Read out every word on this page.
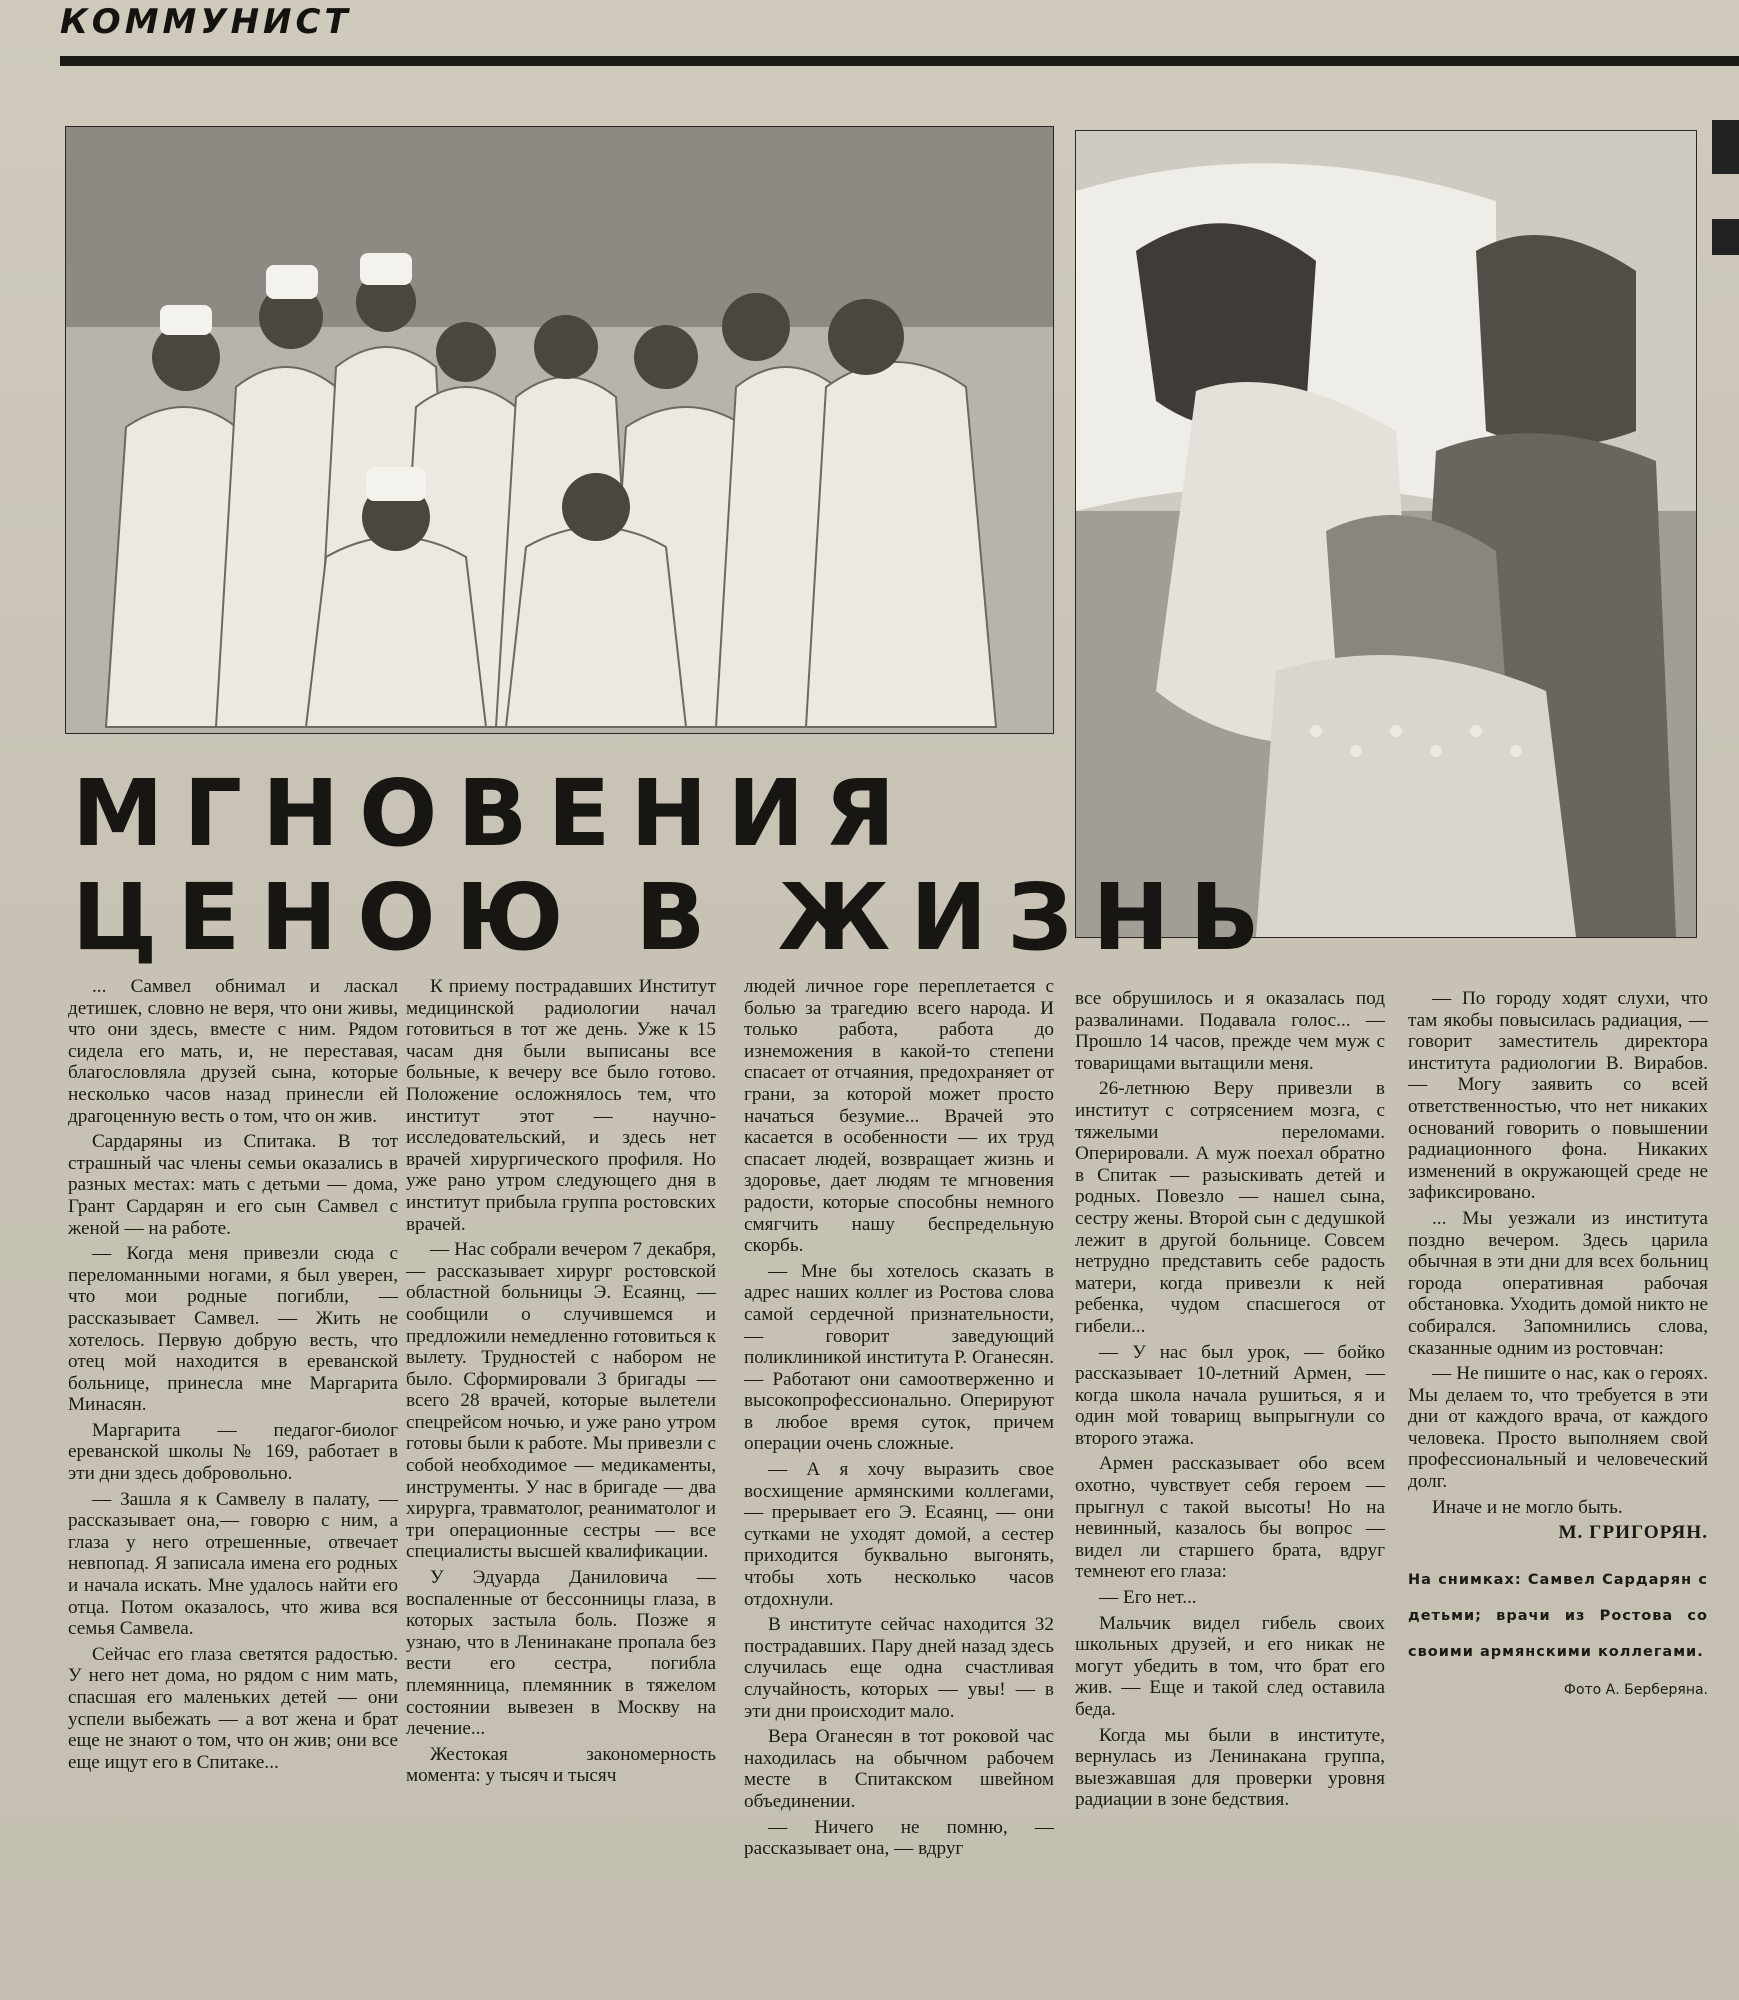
КОММУНИСТ
МГНОВЕНИЯ
ЦЕНОЮ В ЖИЗНЬ

... Самвел обнимал и ласкал детишек, словно не веря, что они живы, что они здесь, вместе с ним. Рядом сидела его мать, и, не переставая, благословляла друзей сына, которые несколько часов назад принесли ей драгоценную весть о том, что он жив.

Сардаряны из Спитака. В тот страшный час члены семьи оказались в разных местах: мать с детьми — дома, Грант Сардарян и его сын Самвел с женой — на работе.

— Когда меня привезли сюда с переломанными ногами, я был уверен, что мои родные погибли, — рассказывает Самвел. — Жить не хотелось. Первую добрую весть, что отец мой находится в ереванской больнице, принесла мне Маргарита Минасян.

Маргарита — педагог-биолог ереванской школы № 169, работает в эти дни здесь добровольно.

— Зашла я к Самвелу в палату, — рассказывает она,— говорю с ним, а глаза у него отрешенные, отвечает невпопад. Я записала имена его родных и начала искать. Мне удалось найти его отца. Потом оказалось, что жива вся семья Самвела.

Сейчас его глаза светятся радостью. У него нет дома, но рядом с ним мать, спасшая его маленьких детей — они успели выбежать — а вот жена и брат еще не знают о том, что он жив; они все еще ищут его в Спитаке...

К приему пострадавших Институт медицинской радиологии начал готовиться в тот же день. Уже к 15 часам дня были выписаны все больные, к вечеру все было готово. Положение осложнялось тем, что институт этот — научно-исследовательский, и здесь нет врачей хирургического профиля. Но уже рано утром следующего дня в институт прибыла группа ростовских врачей.

— Нас собрали вечером 7 декабря, — рассказывает хирург ростовской областной больницы Э. Есаянц, — сообщили о случившемся и предложили немедленно готовиться к вылету. Трудностей с набором не было. Сформировали 3 бригады — всего 28 врачей, которые вылетели спецрейсом ночью, и уже рано утром готовы были к работе. Мы привезли с собой необходимое — медикаменты, инструменты. У нас в бригаде — два хирурга, травматолог, реаниматолог и три операционные сестры — все специалисты высшей квалификации.

У Эдуарда Даниловича — воспаленные от бессонницы глаза, в которых застыла боль. Позже я узнаю, что в Ленинакане пропала без вести его сестра, погибла племянница, племянник в тяжелом состоянии вывезен в Москву на лечение...

Жестокая закономерность момента: у тысяч и тысяч

людей личное горе переплетается с болью за трагедию всего народа. И только работа, работа до изнеможения в какой-то степени спасает от отчаяния, предохраняет от грани, за которой может просто начаться безумие... Врачей это касается в особенности — их труд спасает людей, возвращает жизнь и здоровье, дает людям те мгновения радости, которые способны немного смягчить нашу беспредельную скорбь.

— Мне бы хотелось сказать в адрес наших коллег из Ростова слова самой сердечной признательности, — говорит заведующий поликлиникой института Р. Оганесян. — Работают они самоотверженно и высокопрофессионально. Оперируют в любое время суток, причем операции очень сложные.

— А я хочу выразить свое восхищение армянскими коллегами, — прерывает его Э. Есаянц, — они сутками не уходят домой, а сестер приходится буквально выгонять, чтобы хоть несколько часов отдохнули.

В институте сейчас находится 32 пострадавших. Пару дней назад здесь случилась еще одна счастливая случайность, которых — увы! — в эти дни происходит мало.

Вера Оганесян в тот роковой час находилась на обычном рабочем месте в Спитакском швейном объединении.

— Ничего не помню, — рассказывает она, — вдруг

все обрушилось и я оказалась под развалинами. Подавала голос... — Прошло 14 часов, прежде чем муж с товарищами вытащили меня.

26-летнюю Веру привезли в институт с сотрясением мозга, с тяжелыми переломами. Оперировали. А муж поехал обратно в Спитак — разыскивать детей и родных. Повезло — нашел сына, сестру жены. Второй сын с дедушкой лежит в другой больнице. Совсем нетрудно представить себе радость матери, когда привезли к ней ребенка, чудом спасшегося от гибели...

— У нас был урок, — бойко рассказывает 10-летний Армен, — когда школа начала рушиться, я и один мой товарищ выпрыгнули со второго этажа.

Армен рассказывает обо всем охотно, чувствует себя героем — прыгнул с такой высоты! Но на невинный, казалось бы вопрос — видел ли старшего брата, вдруг темнеют его глаза:

— Его нет...

Мальчик видел гибель своих школьных друзей, и его никак не могут убедить в том, что брат его жив. — Еще и такой след оставила беда.

Когда мы были в институте, вернулась из Ленинакана группа, выезжавшая для проверки уровня радиации в зоне бедствия.

— По городу ходят слухи, что там якобы повысилась радиация, — говорит заместитель директора института радиологии В. Вирабов. — Могу заявить со всей ответственностью, что нет никаких оснований говорить о повышении радиационного фона. Никаких изменений в окружающей среде не зафиксировано.

... Мы уезжали из института поздно вечером. Здесь царила обычная в эти дни для всех больниц города оперативная рабочая обстановка. Уходить домой никто не собирался. Запомнились слова, сказанные одним из ростовчан:

— Не пишите о нас, как о героях. Мы делаем то, что требуется в эти дни от каждого врача, от каждого человека. Просто выполняем свой профессиональный и человеческий долг.

Иначе и не могло быть.

М. ГРИГОРЯН.

На снимках: Самвел Сардарян с детьми; врачи из Ростова со своими армянскими коллегами.
Фото А. Берберяна.
